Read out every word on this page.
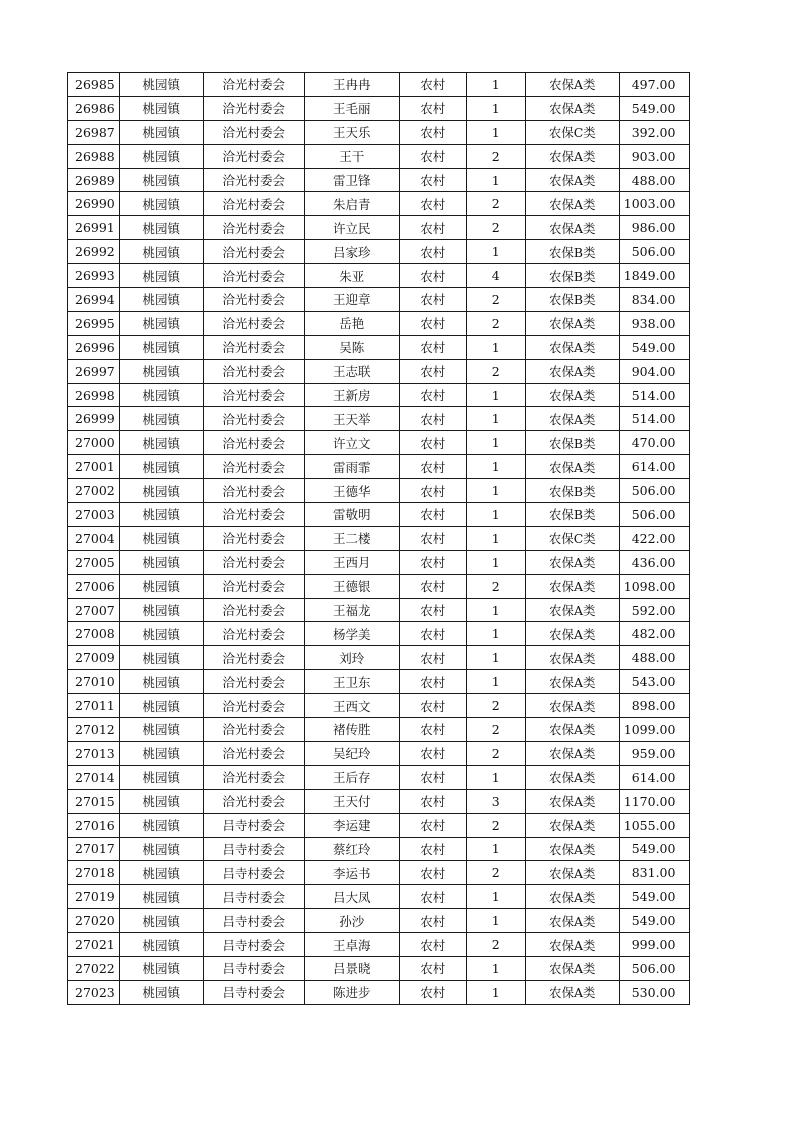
26985	桃园镇	洽光村委会	王冉冉	农村	1	农保A类	497.00
26986	桃园镇	洽光村委会	王毛丽	农村	1	农保A类	549.00
26987	桃园镇	洽光村委会	王天乐	农村	1	农保C类	392.00
26988	桃园镇	洽光村委会	王干	农村	2	农保A类	903.00
26989	桃园镇	洽光村委会	雷卫锋	农村	1	农保A类	488.00
26990	桃园镇	洽光村委会	朱启青	农村	2	农保A类	1003.00
26991	桃园镇	洽光村委会	许立民	农村	2	农保A类	986.00
26992	桃园镇	洽光村委会	吕家珍	农村	1	农保B类	506.00
26993	桃园镇	洽光村委会	朱亚	农村	4	农保B类	1849.00
26994	桃园镇	洽光村委会	王迎章	农村	2	农保B类	834.00
26995	桃园镇	洽光村委会	岳艳	农村	2	农保A类	938.00
26996	桃园镇	洽光村委会	吴陈	农村	1	农保A类	549.00
26997	桃园镇	洽光村委会	王志联	农村	2	农保A类	904.00
26998	桃园镇	洽光村委会	王新房	农村	1	农保A类	514.00
26999	桃园镇	洽光村委会	王天举	农村	1	农保A类	514.00
27000	桃园镇	洽光村委会	许立文	农村	1	农保B类	470.00
27001	桃园镇	洽光村委会	雷雨霏	农村	1	农保A类	614.00
27002	桃园镇	洽光村委会	王德华	农村	1	农保B类	506.00
27003	桃园镇	洽光村委会	雷敬明	农村	1	农保B类	506.00
27004	桃园镇	洽光村委会	王二楼	农村	1	农保C类	422.00
27005	桃园镇	洽光村委会	王西月	农村	1	农保A类	436.00
27006	桃园镇	洽光村委会	王德银	农村	2	农保A类	1098.00
27007	桃园镇	洽光村委会	王福龙	农村	1	农保A类	592.00
27008	桃园镇	洽光村委会	杨学美	农村	1	农保A类	482.00
27009	桃园镇	洽光村委会	刘玲	农村	1	农保A类	488.00
27010	桃园镇	洽光村委会	王卫东	农村	1	农保A类	543.00
27011	桃园镇	洽光村委会	王西文	农村	2	农保A类	898.00
27012	桃园镇	洽光村委会	褚传胜	农村	2	农保A类	1099.00
27013	桃园镇	洽光村委会	吴纪玲	农村	2	农保A类	959.00
27014	桃园镇	洽光村委会	王后存	农村	1	农保A类	614.00
27015	桃园镇	洽光村委会	王天付	农村	3	农保A类	1170.00
27016	桃园镇	吕寺村委会	李运建	农村	2	农保A类	1055.00
27017	桃园镇	吕寺村委会	蔡红玲	农村	1	农保A类	549.00
27018	桃园镇	吕寺村委会	李运书	农村	2	农保A类	831.00
27019	桃园镇	吕寺村委会	吕大凤	农村	1	农保A类	549.00
27020	桃园镇	吕寺村委会	孙沙	农村	1	农保A类	549.00
27021	桃园镇	吕寺村委会	王卓海	农村	2	农保A类	999.00
27022	桃园镇	吕寺村委会	吕景晓	农村	1	农保A类	506.00
27023	桃园镇	吕寺村委会	陈进步	农村	1	农保A类	530.00
